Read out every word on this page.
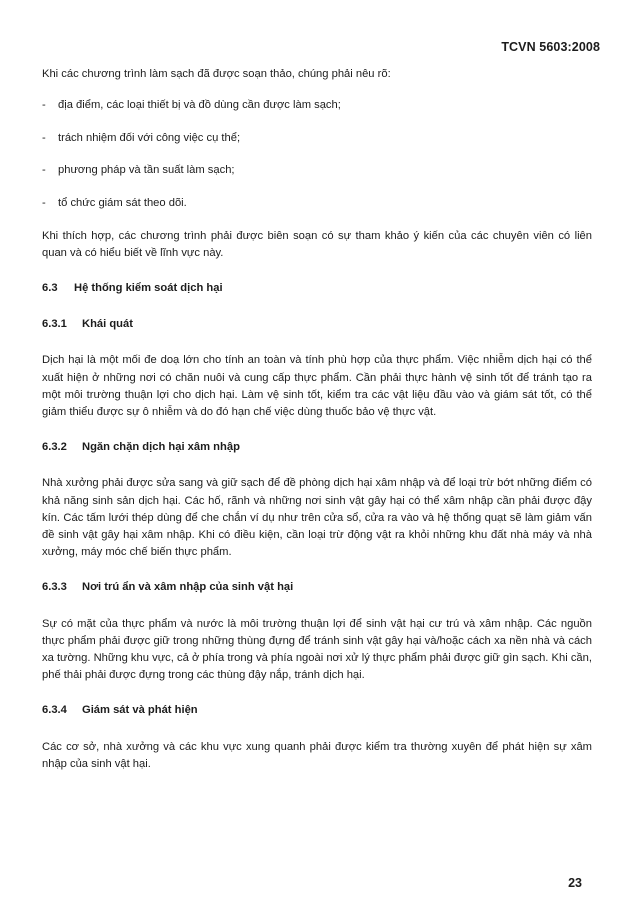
TCVN 5603:2008

Khi các chương trình làm sạch đã được soạn thảo, chúng phải nêu rõ:

- địa điểm, các loại thiết bị và đồ dùng cần được làm sạch;
- trách nhiệm đối với công việc cụ thể;
- phương pháp và tần suất làm sạch;
- tổ chức giám sát theo dõi.

Khi thích hợp, các chương trình phải được biên soạn có sự tham khảo ý kiến của các chuyên viên có liên quan và có hiểu biết về lĩnh vực này.

6.3	Hệ thống kiểm soát dịch hại
6.3.1	Khái quát

Dịch hại là một mối đe doạ lớn cho tính an toàn và tính phù hợp của thực phẩm. Việc nhiễm dịch hại có thể xuất hiện ở những nơi có chăn nuôi và cung cấp thực phẩm. Cần phải thực hành vệ sinh tốt để tránh tạo ra một môi trường thuận lợi cho dịch hại. Làm vệ sinh tốt, kiểm tra các vật liệu đầu vào và giám sát tốt, có thể giảm thiểu được sự ô nhiễm và do đó hạn chế việc dùng thuốc bảo vệ thực vật.

6.3.2	Ngăn chặn dịch hại xâm nhập

Nhà xưởng phải được sửa sang và giữ sạch để đề phòng dịch hại xâm nhập và để loại trừ bớt những điểm có khả năng sinh sản dịch hại. Các hố, rãnh và những nơi sinh vật gây hại có thể xâm nhập cần phải được đậy kín. Các tấm lưới thép dùng để che chắn ví dụ như trên cửa sổ, cửa ra vào và hệ thống quạt sẽ làm giảm vấn đề sinh vật gây hại xâm nhập. Khi có điều kiện, cần loại trừ động vật ra khỏi những khu đất nhà máy và nhà xưởng, máy móc chế biến thực phẩm.

6.3.3	Nơi trú ẩn và xâm nhập của sinh vật hại

Sự có mặt của thực phẩm và nước là môi trường thuận lợi để sinh vật hại cư trú và xâm nhập. Các nguồn thực phẩm phải được giữ trong những thùng đựng để tránh sinh vật gây hại và/hoặc cách xa nền nhà và cách xa tường. Những khu vực, cả ở phía trong và phía ngoài nơi xử lý thực phẩm phải được giữ gìn sạch. Khi cần, phế thải phải được đựng trong các thùng đậy nắp, tránh dịch hại.

6.3.4	Giám sát và phát hiện

Các cơ sở, nhà xưởng và các khu vực xung quanh phải được kiểm tra thường xuyên để phát hiện sự xâm nhập của sinh vật hại.

23
